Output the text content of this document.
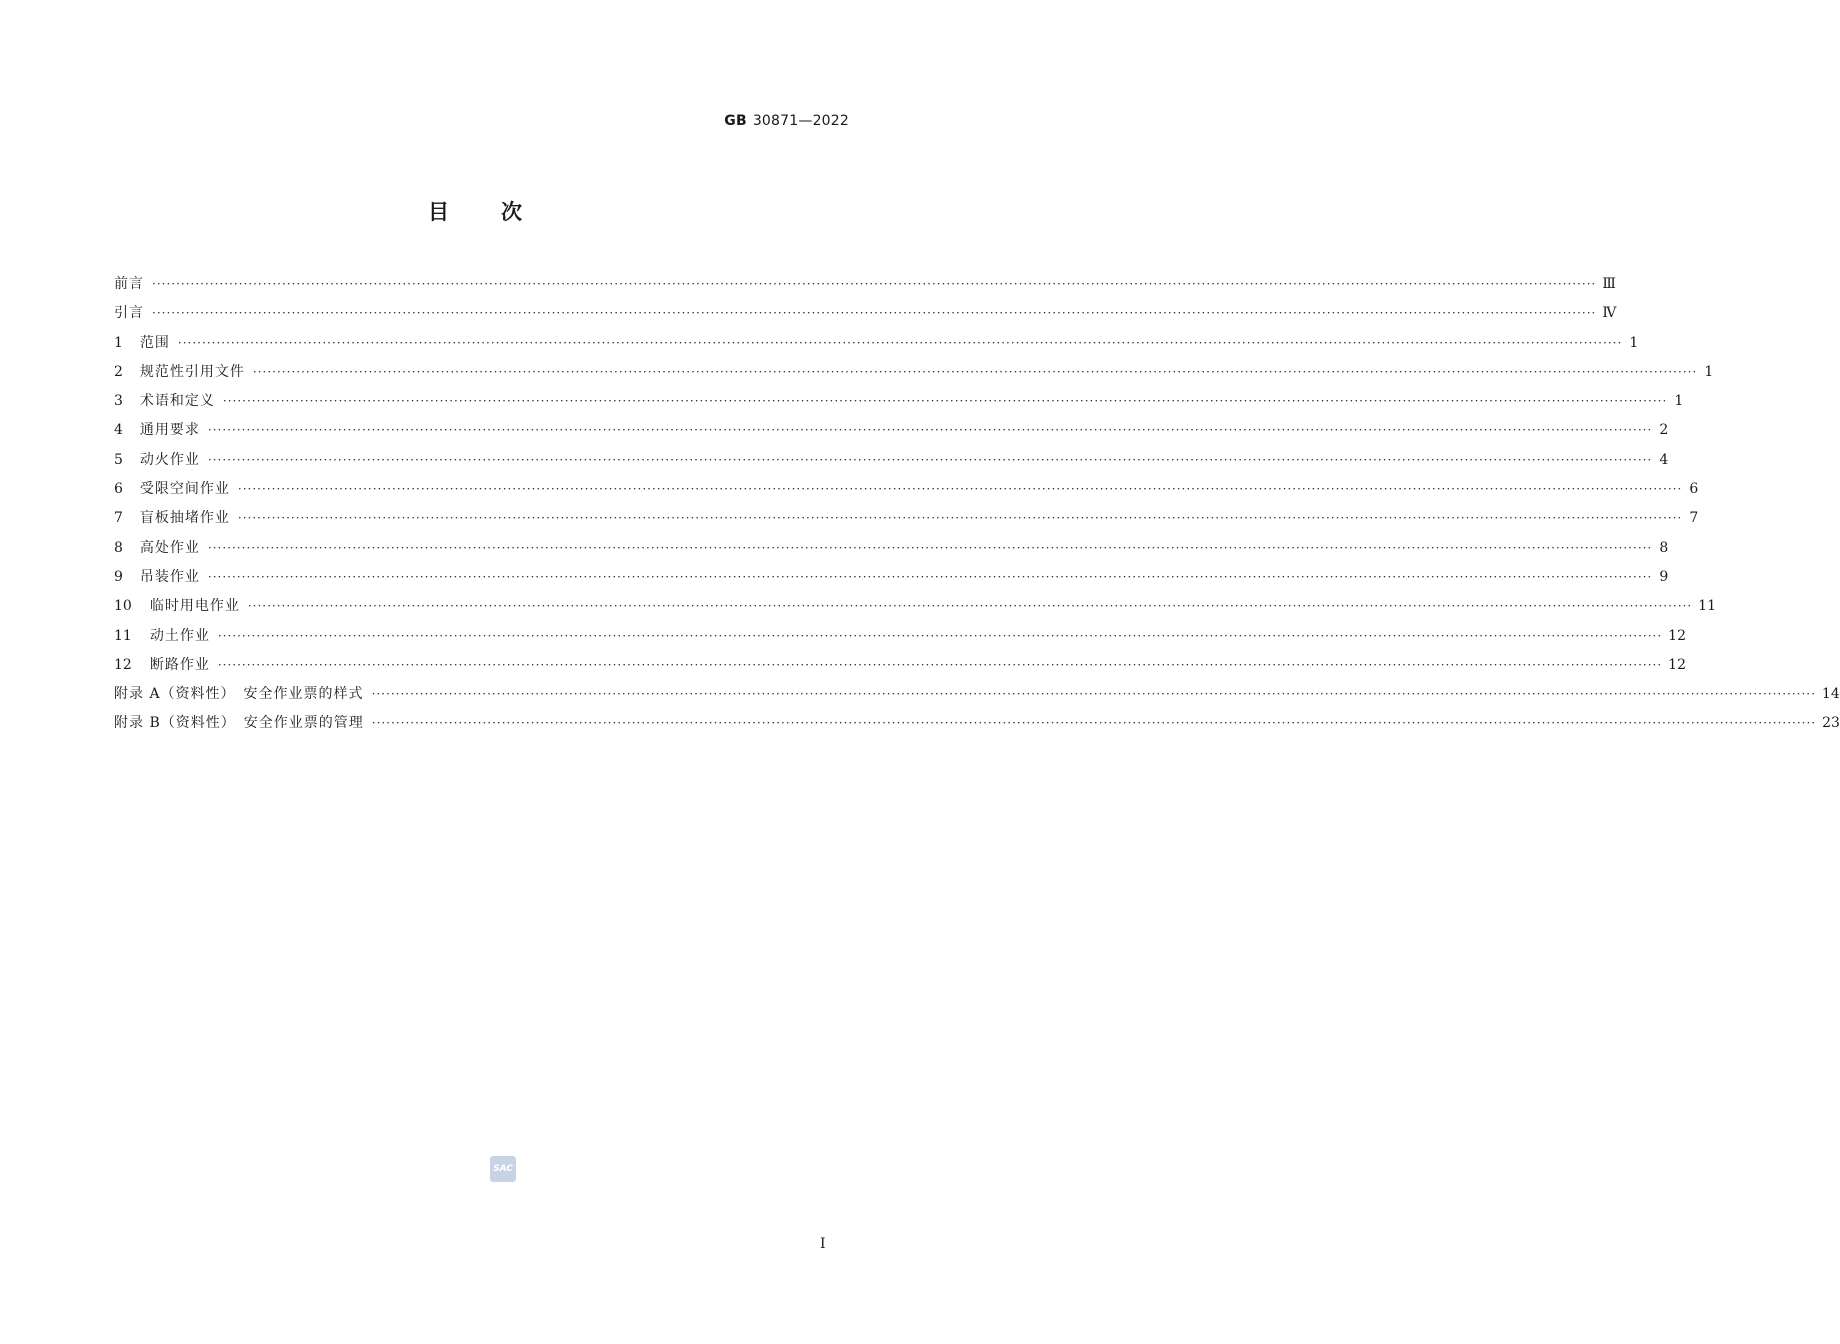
GB 30871—2022
目 次
前言 ············································································································································································································································································································ Ⅲ
引言 ············································································································································································································································································································ Ⅳ
1 范围 ············································································································································································································································································································ 1
2 规范性引用文件 ············································································································································································································································································································ 1
3 术语和定义 ············································································································································································································································································································ 1
4 通用要求 ············································································································································································································································································································ 2
5 动火作业 ············································································································································································································································································································ 4
6 受限空间作业 ············································································································································································································································································································ 6
7 盲板抽堵作业 ············································································································································································································································································································ 7
8 高处作业 ············································································································································································································································································································ 8
9 吊装作业 ············································································································································································································································································································ 9
10 临时用电作业 ············································································································································································································································································································ 11
11 动土作业 ············································································································································································································································································································ 12
12 断路作业 ············································································································································································································································································································ 12
附录 A（资料性）　安全作业票的样式 ············································································································································································································································································································ 14
附录 B（资料性）　安全作业票的管理 ············································································································································································································································································································ 23
SAC
I
